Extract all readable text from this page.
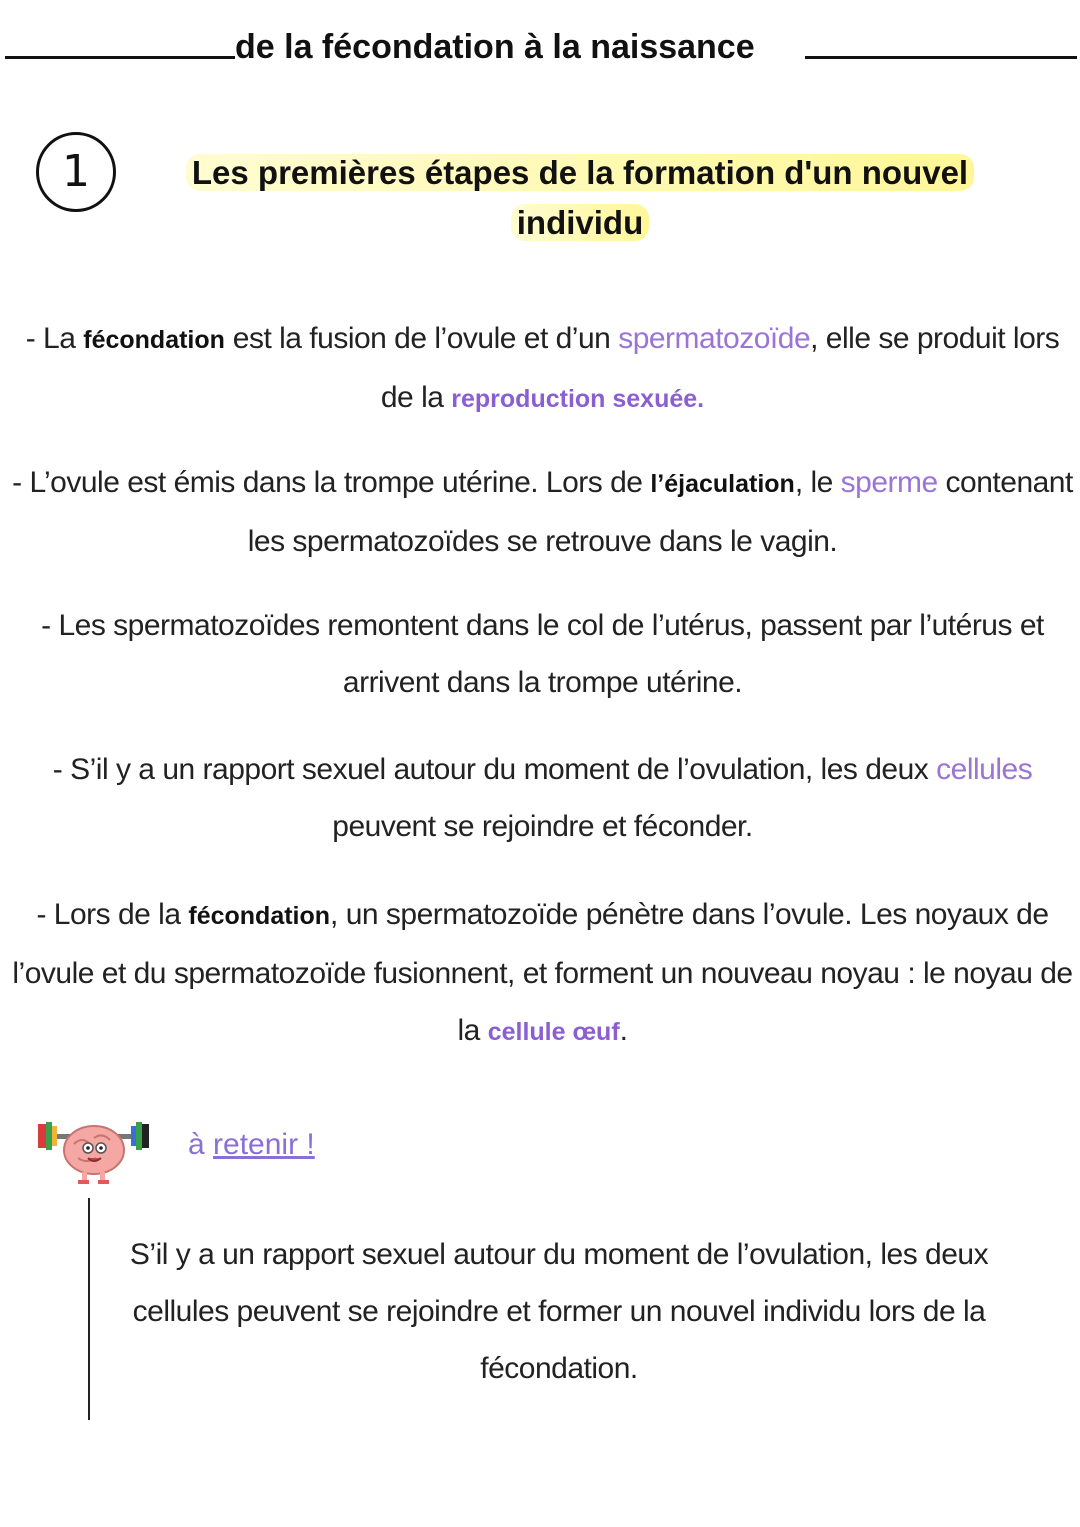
de la fécondation à la naissance
1	Les premières étapes de la formation d'un nouvel
individu
- La fécondation est la fusion de l’ovule et d’un spermatozoïde, elle se produit lors de la reproduction sexuée.
- L’ovule est émis dans la trompe utérine. Lors de l’éjaculation, le sperme contenant les spermatozoïdes se retrouve dans le vagin.
- Les spermatozoïdes remontent dans le col de l’utérus, passent par l’utérus et arrivent dans la trompe utérine.
- S’il y a un rapport sexuel autour du moment de l’ovulation, les deux cellules peuvent se rejoindre et féconder.
- Lors de la fécondation, un spermatozoïde pénètre dans l’ovule. Les noyaux de l’ovule et du spermatozoïde fusionnent, et forment un nouveau noyau : le noyau de la cellule œuf.
à retenir !
S’il y a un rapport sexuel autour du moment de l’ovulation, les deux cellules peuvent se rejoindre et former un nouvel individu lors de la fécondation.
